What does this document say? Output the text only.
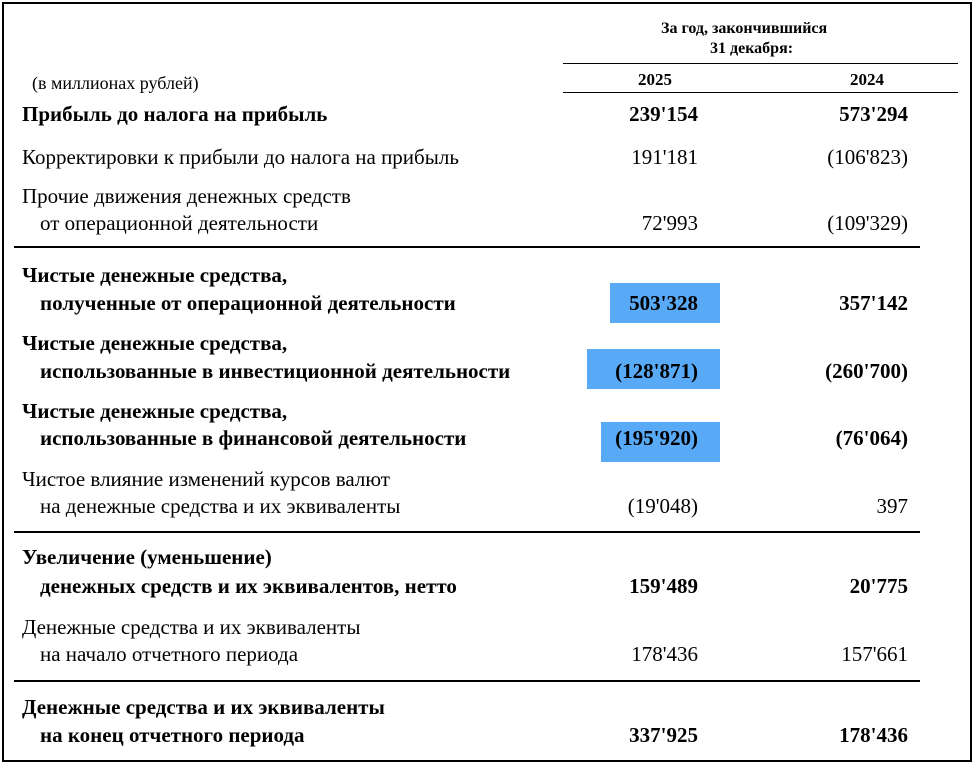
За год, закончившийся
31 декабря:
(в миллионах рублей)	2025	2024
Прибыль до налога на прибыль	239'154	573'294
Корректировки к прибыли до налога на прибыль	191'181	(106'823)
Прочие движения денежных средств
от операционной деятельности	72'993	(109'329)
Чистые денежные средства,
полученные от операционной деятельности	503'328	357'142
Чистые денежные средства,
использованные в инвестиционной деятельности	(128'871)	(260'700)
Чистые денежные средства,
использованные в финансовой деятельности	(195'920)	(76'064)
Чистое влияние изменений курсов валют
на денежные средства и их эквиваленты	(19'048)	397
Увеличение (уменьшение)
денежных средств и их эквивалентов, нетто	159'489	20'775
Денежные средства и их эквиваленты
на начало отчетного периода	178'436	157'661
Денежные средства и их эквиваленты
на конец отчетного периода	337'925	178'436
